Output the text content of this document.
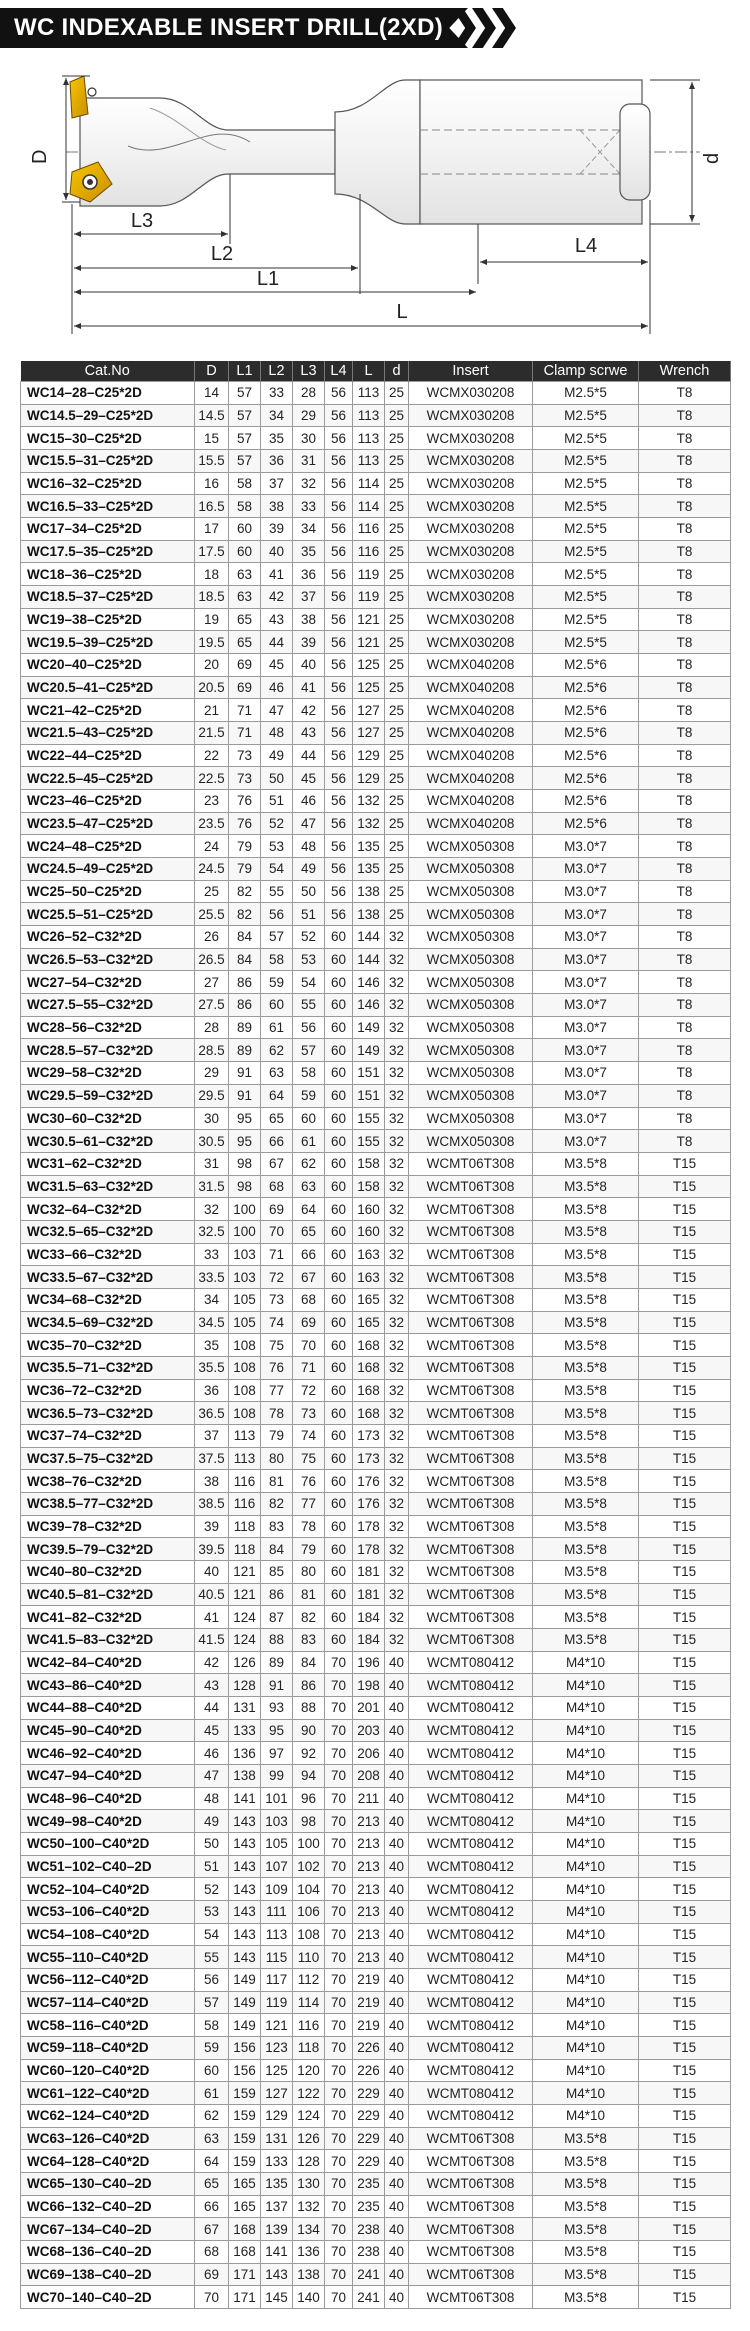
WC INDEXABLE INSERT DRILL(2XD)
D	d
L3
L2
L1
L4
L
Cat.No	D	L1	L2	L3	L4	L	d	Insert	Clamp scrwe	Wrench
WC14–28–C25*2D	14	57	33	28	56	113	25	WCMX030208	M2.5*5	T8
WC14.5–29–C25*2D	14.5	57	34	29	56	113	25	WCMX030208	M2.5*5	T8
WC15–30–C25*2D	15	57	35	30	56	113	25	WCMX030208	M2.5*5	T8
WC15.5–31–C25*2D	15.5	57	36	31	56	113	25	WCMX030208	M2.5*5	T8
WC16–32–C25*2D	16	58	37	32	56	114	25	WCMX030208	M2.5*5	T8
WC16.5–33–C25*2D	16.5	58	38	33	56	114	25	WCMX030208	M2.5*5	T8
WC17–34–C25*2D	17	60	39	34	56	116	25	WCMX030208	M2.5*5	T8
WC17.5–35–C25*2D	17.5	60	40	35	56	116	25	WCMX030208	M2.5*5	T8
WC18–36–C25*2D	18	63	41	36	56	119	25	WCMX030208	M2.5*5	T8
WC18.5–37–C25*2D	18.5	63	42	37	56	119	25	WCMX030208	M2.5*5	T8
WC19–38–C25*2D	19	65	43	38	56	121	25	WCMX030208	M2.5*5	T8
WC19.5–39–C25*2D	19.5	65	44	39	56	121	25	WCMX030208	M2.5*5	T8
WC20–40–C25*2D	20	69	45	40	56	125	25	WCMX040208	M2.5*6	T8
WC20.5–41–C25*2D	20.5	69	46	41	56	125	25	WCMX040208	M2.5*6	T8
WC21–42–C25*2D	21	71	47	42	56	127	25	WCMX040208	M2.5*6	T8
WC21.5–43–C25*2D	21.5	71	48	43	56	127	25	WCMX040208	M2.5*6	T8
WC22–44–C25*2D	22	73	49	44	56	129	25	WCMX040208	M2.5*6	T8
WC22.5–45–C25*2D	22.5	73	50	45	56	129	25	WCMX040208	M2.5*6	T8
WC23–46–C25*2D	23	76	51	46	56	132	25	WCMX040208	M2.5*6	T8
WC23.5–47–C25*2D	23.5	76	52	47	56	132	25	WCMX040208	M2.5*6	T8
WC24–48–C25*2D	24	79	53	48	56	135	25	WCMX050308	M3.0*7	T8
WC24.5–49–C25*2D	24.5	79	54	49	56	135	25	WCMX050308	M3.0*7	T8
WC25–50–C25*2D	25	82	55	50	56	138	25	WCMX050308	M3.0*7	T8
WC25.5–51–C25*2D	25.5	82	56	51	56	138	25	WCMX050308	M3.0*7	T8
WC26–52–C32*2D	26	84	57	52	60	144	32	WCMX050308	M3.0*7	T8
WC26.5–53–C32*2D	26.5	84	58	53	60	144	32	WCMX050308	M3.0*7	T8
WC27–54–C32*2D	27	86	59	54	60	146	32	WCMX050308	M3.0*7	T8
WC27.5–55–C32*2D	27.5	86	60	55	60	146	32	WCMX050308	M3.0*7	T8
WC28–56–C32*2D	28	89	61	56	60	149	32	WCMX050308	M3.0*7	T8
WC28.5–57–C32*2D	28.5	89	62	57	60	149	32	WCMX050308	M3.0*7	T8
WC29–58–C32*2D	29	91	63	58	60	151	32	WCMX050308	M3.0*7	T8
WC29.5–59–C32*2D	29.5	91	64	59	60	151	32	WCMX050308	M3.0*7	T8
WC30–60–C32*2D	30	95	65	60	60	155	32	WCMX050308	M3.0*7	T8
WC30.5–61–C32*2D	30.5	95	66	61	60	155	32	WCMX050308	M3.0*7	T8
WC31–62–C32*2D	31	98	67	62	60	158	32	WCMT06T308	M3.5*8	T15
WC31.5–63–C32*2D	31.5	98	68	63	60	158	32	WCMT06T308	M3.5*8	T15
WC32–64–C32*2D	32	100	69	64	60	160	32	WCMT06T308	M3.5*8	T15
WC32.5–65–C32*2D	32.5	100	70	65	60	160	32	WCMT06T308	M3.5*8	T15
WC33–66–C32*2D	33	103	71	66	60	163	32	WCMT06T308	M3.5*8	T15
WC33.5–67–C32*2D	33.5	103	72	67	60	163	32	WCMT06T308	M3.5*8	T15
WC34–68–C32*2D	34	105	73	68	60	165	32	WCMT06T308	M3.5*8	T15
WC34.5–69–C32*2D	34.5	105	74	69	60	165	32	WCMT06T308	M3.5*8	T15
WC35–70–C32*2D	35	108	75	70	60	168	32	WCMT06T308	M3.5*8	T15
WC35.5–71–C32*2D	35.5	108	76	71	60	168	32	WCMT06T308	M3.5*8	T15
WC36–72–C32*2D	36	108	77	72	60	168	32	WCMT06T308	M3.5*8	T15
WC36.5–73–C32*2D	36.5	108	78	73	60	168	32	WCMT06T308	M3.5*8	T15
WC37–74–C32*2D	37	113	79	74	60	173	32	WCMT06T308	M3.5*8	T15
WC37.5–75–C32*2D	37.5	113	80	75	60	173	32	WCMT06T308	M3.5*8	T15
WC38–76–C32*2D	38	116	81	76	60	176	32	WCMT06T308	M3.5*8	T15
WC38.5–77–C32*2D	38.5	116	82	77	60	176	32	WCMT06T308	M3.5*8	T15
WC39–78–C32*2D	39	118	83	78	60	178	32	WCMT06T308	M3.5*8	T15
WC39.5–79–C32*2D	39.5	118	84	79	60	178	32	WCMT06T308	M3.5*8	T15
WC40–80–C32*2D	40	121	85	80	60	181	32	WCMT06T308	M3.5*8	T15
WC40.5–81–C32*2D	40.5	121	86	81	60	181	32	WCMT06T308	M3.5*8	T15
WC41–82–C32*2D	41	124	87	82	60	184	32	WCMT06T308	M3.5*8	T15
WC41.5–83–C32*2D	41.5	124	88	83	60	184	32	WCMT06T308	M3.5*8	T15
WC42–84–C40*2D	42	126	89	84	70	196	40	WCMT080412	M4*10	T15
WC43–86–C40*2D	43	128	91	86	70	198	40	WCMT080412	M4*10	T15
WC44–88–C40*2D	44	131	93	88	70	201	40	WCMT080412	M4*10	T15
WC45–90–C40*2D	45	133	95	90	70	203	40	WCMT080412	M4*10	T15
WC46–92–C40*2D	46	136	97	92	70	206	40	WCMT080412	M4*10	T15
WC47–94–C40*2D	47	138	99	94	70	208	40	WCMT080412	M4*10	T15
WC48–96–C40*2D	48	141	101	96	70	211	40	WCMT080412	M4*10	T15
WC49–98–C40*2D	49	143	103	98	70	213	40	WCMT080412	M4*10	T15
WC50–100–C40*2D	50	143	105	100	70	213	40	WCMT080412	M4*10	T15
WC51–102–C40–2D	51	143	107	102	70	213	40	WCMT080412	M4*10	T15
WC52–104–C40*2D	52	143	109	104	70	213	40	WCMT080412	M4*10	T15
WC53–106–C40*2D	53	143	111	106	70	213	40	WCMT080412	M4*10	T15
WC54–108–C40*2D	54	143	113	108	70	213	40	WCMT080412	M4*10	T15
WC55–110–C40*2D	55	143	115	110	70	213	40	WCMT080412	M4*10	T15
WC56–112–C40*2D	56	149	117	112	70	219	40	WCMT080412	M4*10	T15
WC57–114–C40*2D	57	149	119	114	70	219	40	WCMT080412	M4*10	T15
WC58–116–C40*2D	58	149	121	116	70	219	40	WCMT080412	M4*10	T15
WC59–118–C40*2D	59	156	123	118	70	226	40	WCMT080412	M4*10	T15
WC60–120–C40*2D	60	156	125	120	70	226	40	WCMT080412	M4*10	T15
WC61–122–C40*2D	61	159	127	122	70	229	40	WCMT080412	M4*10	T15
WC62–124–C40*2D	62	159	129	124	70	229	40	WCMT080412	M4*10	T15
WC63–126–C40*2D	63	159	131	126	70	229	40	WCMT06T308	M3.5*8	T15
WC64–128–C40*2D	64	159	133	128	70	229	40	WCMT06T308	M3.5*8	T15
WC65–130–C40–2D	65	165	135	130	70	235	40	WCMT06T308	M3.5*8	T15
WC66–132–C40–2D	66	165	137	132	70	235	40	WCMT06T308	M3.5*8	T15
WC67–134–C40–2D	67	168	139	134	70	238	40	WCMT06T308	M3.5*8	T15
WC68–136–C40–2D	68	168	141	136	70	238	40	WCMT06T308	M3.5*8	T15
WC69–138–C40–2D	69	171	143	138	70	241	40	WCMT06T308	M3.5*8	T15
WC70–140–C40–2D	70	171	145	140	70	241	40	WCMT06T308	M3.5*8	T15
